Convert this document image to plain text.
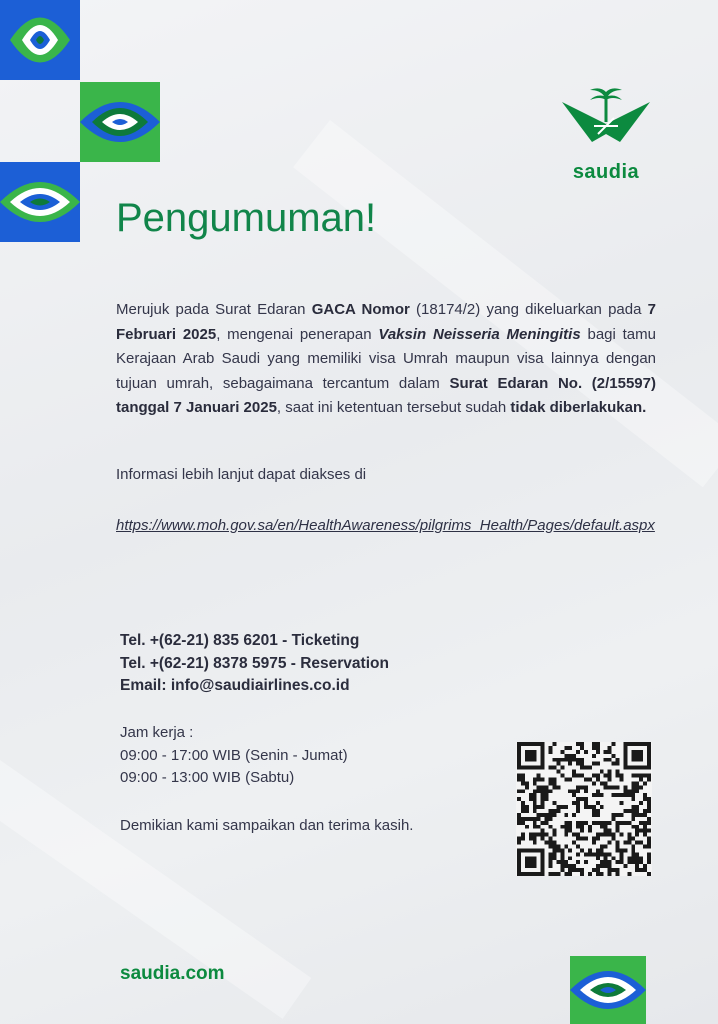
saudia
Pengumuman!

Merujuk pada Surat Edaran GACA Nomor (18174/2) yang dikeluarkan pada 7 Februari 2025, mengenai penerapan Vaksin Neisseria Meningitis bagi tamu Kerajaan Arab Saudi yang memiliki visa Umrah maupun visa lainnya dengan tujuan umrah, sebagaimana tercantum dalam Surat Edaran No. (2/15597) tanggal 7 Januari 2025, saat ini ketentuan tersebut sudah tidak diberlakukan.

Informasi lebih lanjut dapat diakses di

https://www.moh.gov.sa/en/HealthAwareness/pilgrims_Health/Pages/default.aspx

Tel. +(62-21) 835 6201 - Ticketing
Tel. +(62-21) 8378 5975 - Reservation
Email: info@saudiairlines.co.id
Jam kerja :
09:00 - 17:00 WIB (Senin - Jumat)
09:00 - 13:00 WIB (Sabtu)
Demikian kami sampaikan dan terima kasih.
saudia.com
